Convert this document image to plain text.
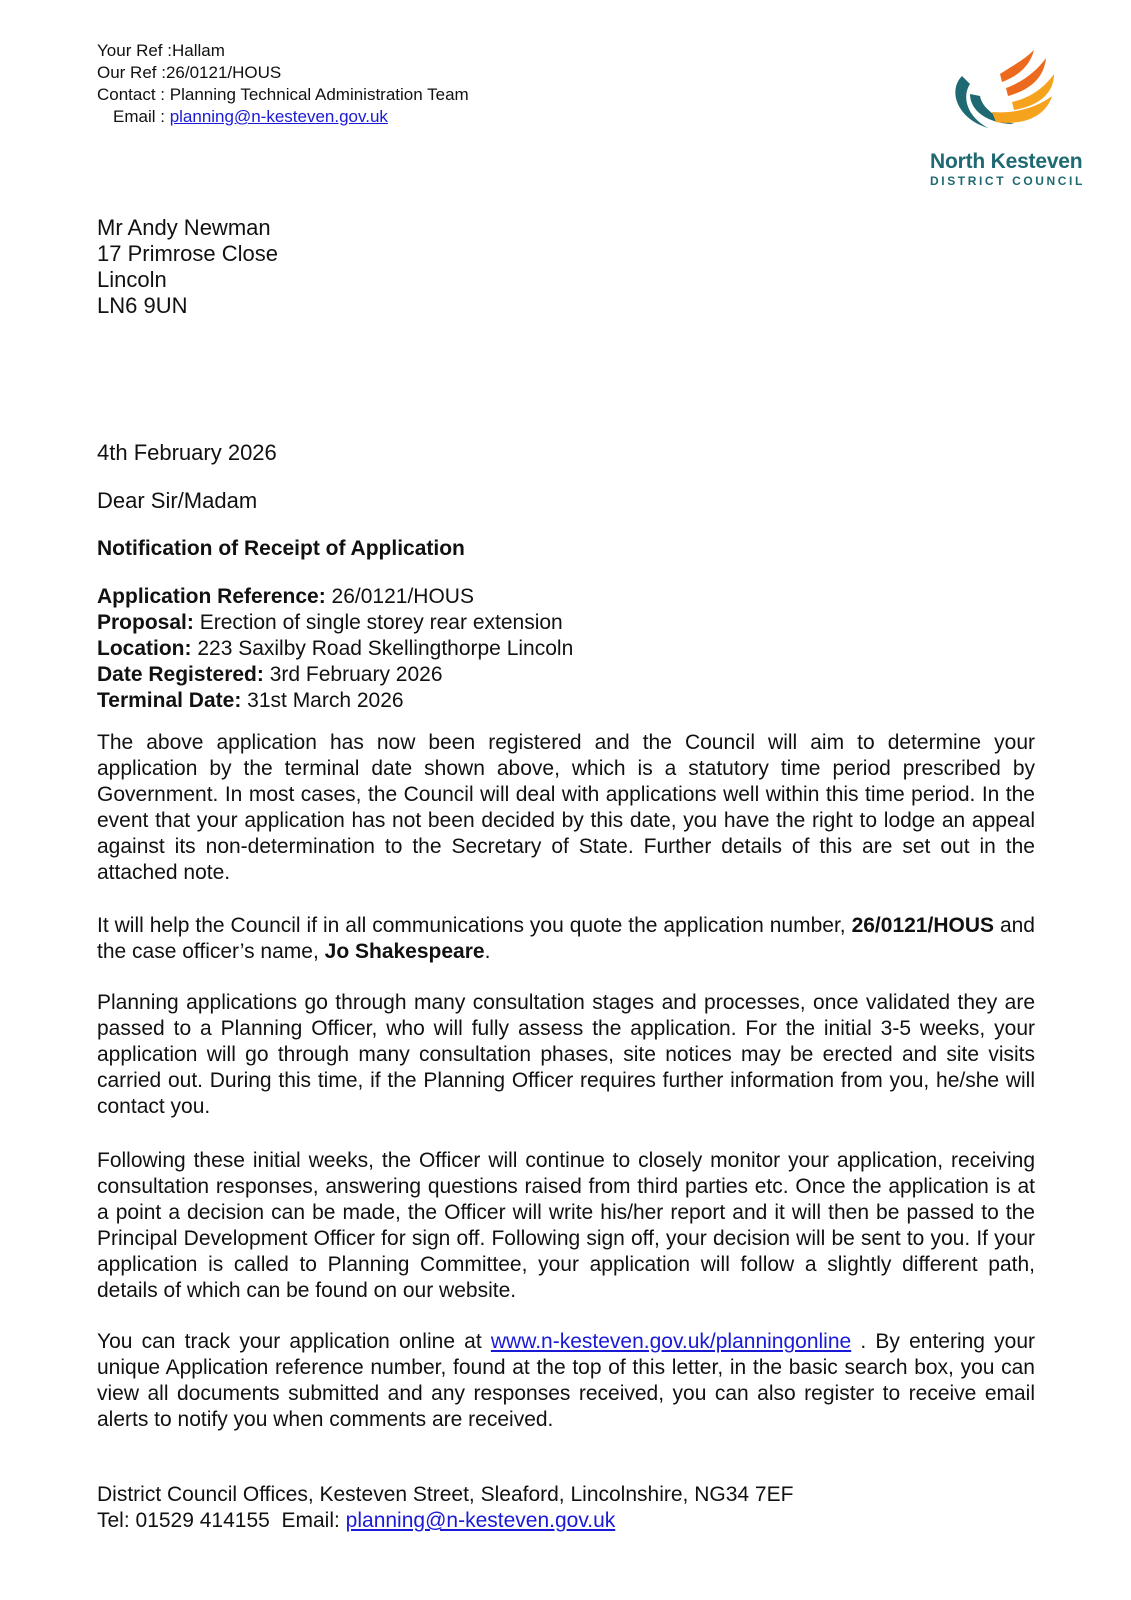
Your Ref :Hallam
Our Ref :26/0121/HOUS
Contact : Planning Technical Administration Team
Email : planning@n-kesteven.gov.uk
North Kesteven
DISTRICT COUNCIL
Mr Andy Newman
17 Primrose Close
Lincoln
LN6 9UN
4th February 2026
Dear Sir/Madam
Notification of Receipt of Application
Application Reference: 26/0121/HOUS
Proposal: Erection of single storey rear extension
Location: 223 Saxilby Road Skellingthorpe Lincoln
Date Registered: 3rd February 2026
Terminal Date: 31st March 2026
The above application has now been registered and the Council will aim to determine your application by the terminal date shown above, which is a statutory time period prescribed by Government. In most cases, the Council will deal with applications well within this time period. In the event that your application has not been decided by this date, you have the right to lodge an appeal against its non-determination to the Secretary of State. Further details of this are set out in the attached note.
It will help the Council if in all communications you quote the application number, 26/0121/HOUS and the case officer’s name, Jo Shakespeare.
Planning applications go through many consultation stages and processes, once validated they are passed to a Planning Officer, who will fully assess the application. For the initial 3-5 weeks, your application will go through many consultation phases, site notices may be erected and site visits carried out. During this time, if the Planning Officer requires further information from you, he/she will contact you.
Following these initial weeks, the Officer will continue to closely monitor your application, receiving consultation responses, answering questions raised from third parties etc. Once the application is at a point a decision can be made, the Officer will write his/her report and it will then be passed to the Principal Development Officer for sign off. Following sign off, your decision will be sent to you. If your application is called to Planning Committee, your application will follow a slightly different path, details of which can be found on our website.
You can track your application online at www.n-kesteven.gov.uk/planningonline . By entering your unique Application reference number, found at the top of this letter, in the basic search box, you can view all documents submitted and any responses received, you can also register to receive email alerts to notify you when comments are received.
District Council Offices, Kesteven Street, Sleaford, Lincolnshire, NG34 7EF
Tel: 01529 414155  Email: planning@n-kesteven.gov.uk
